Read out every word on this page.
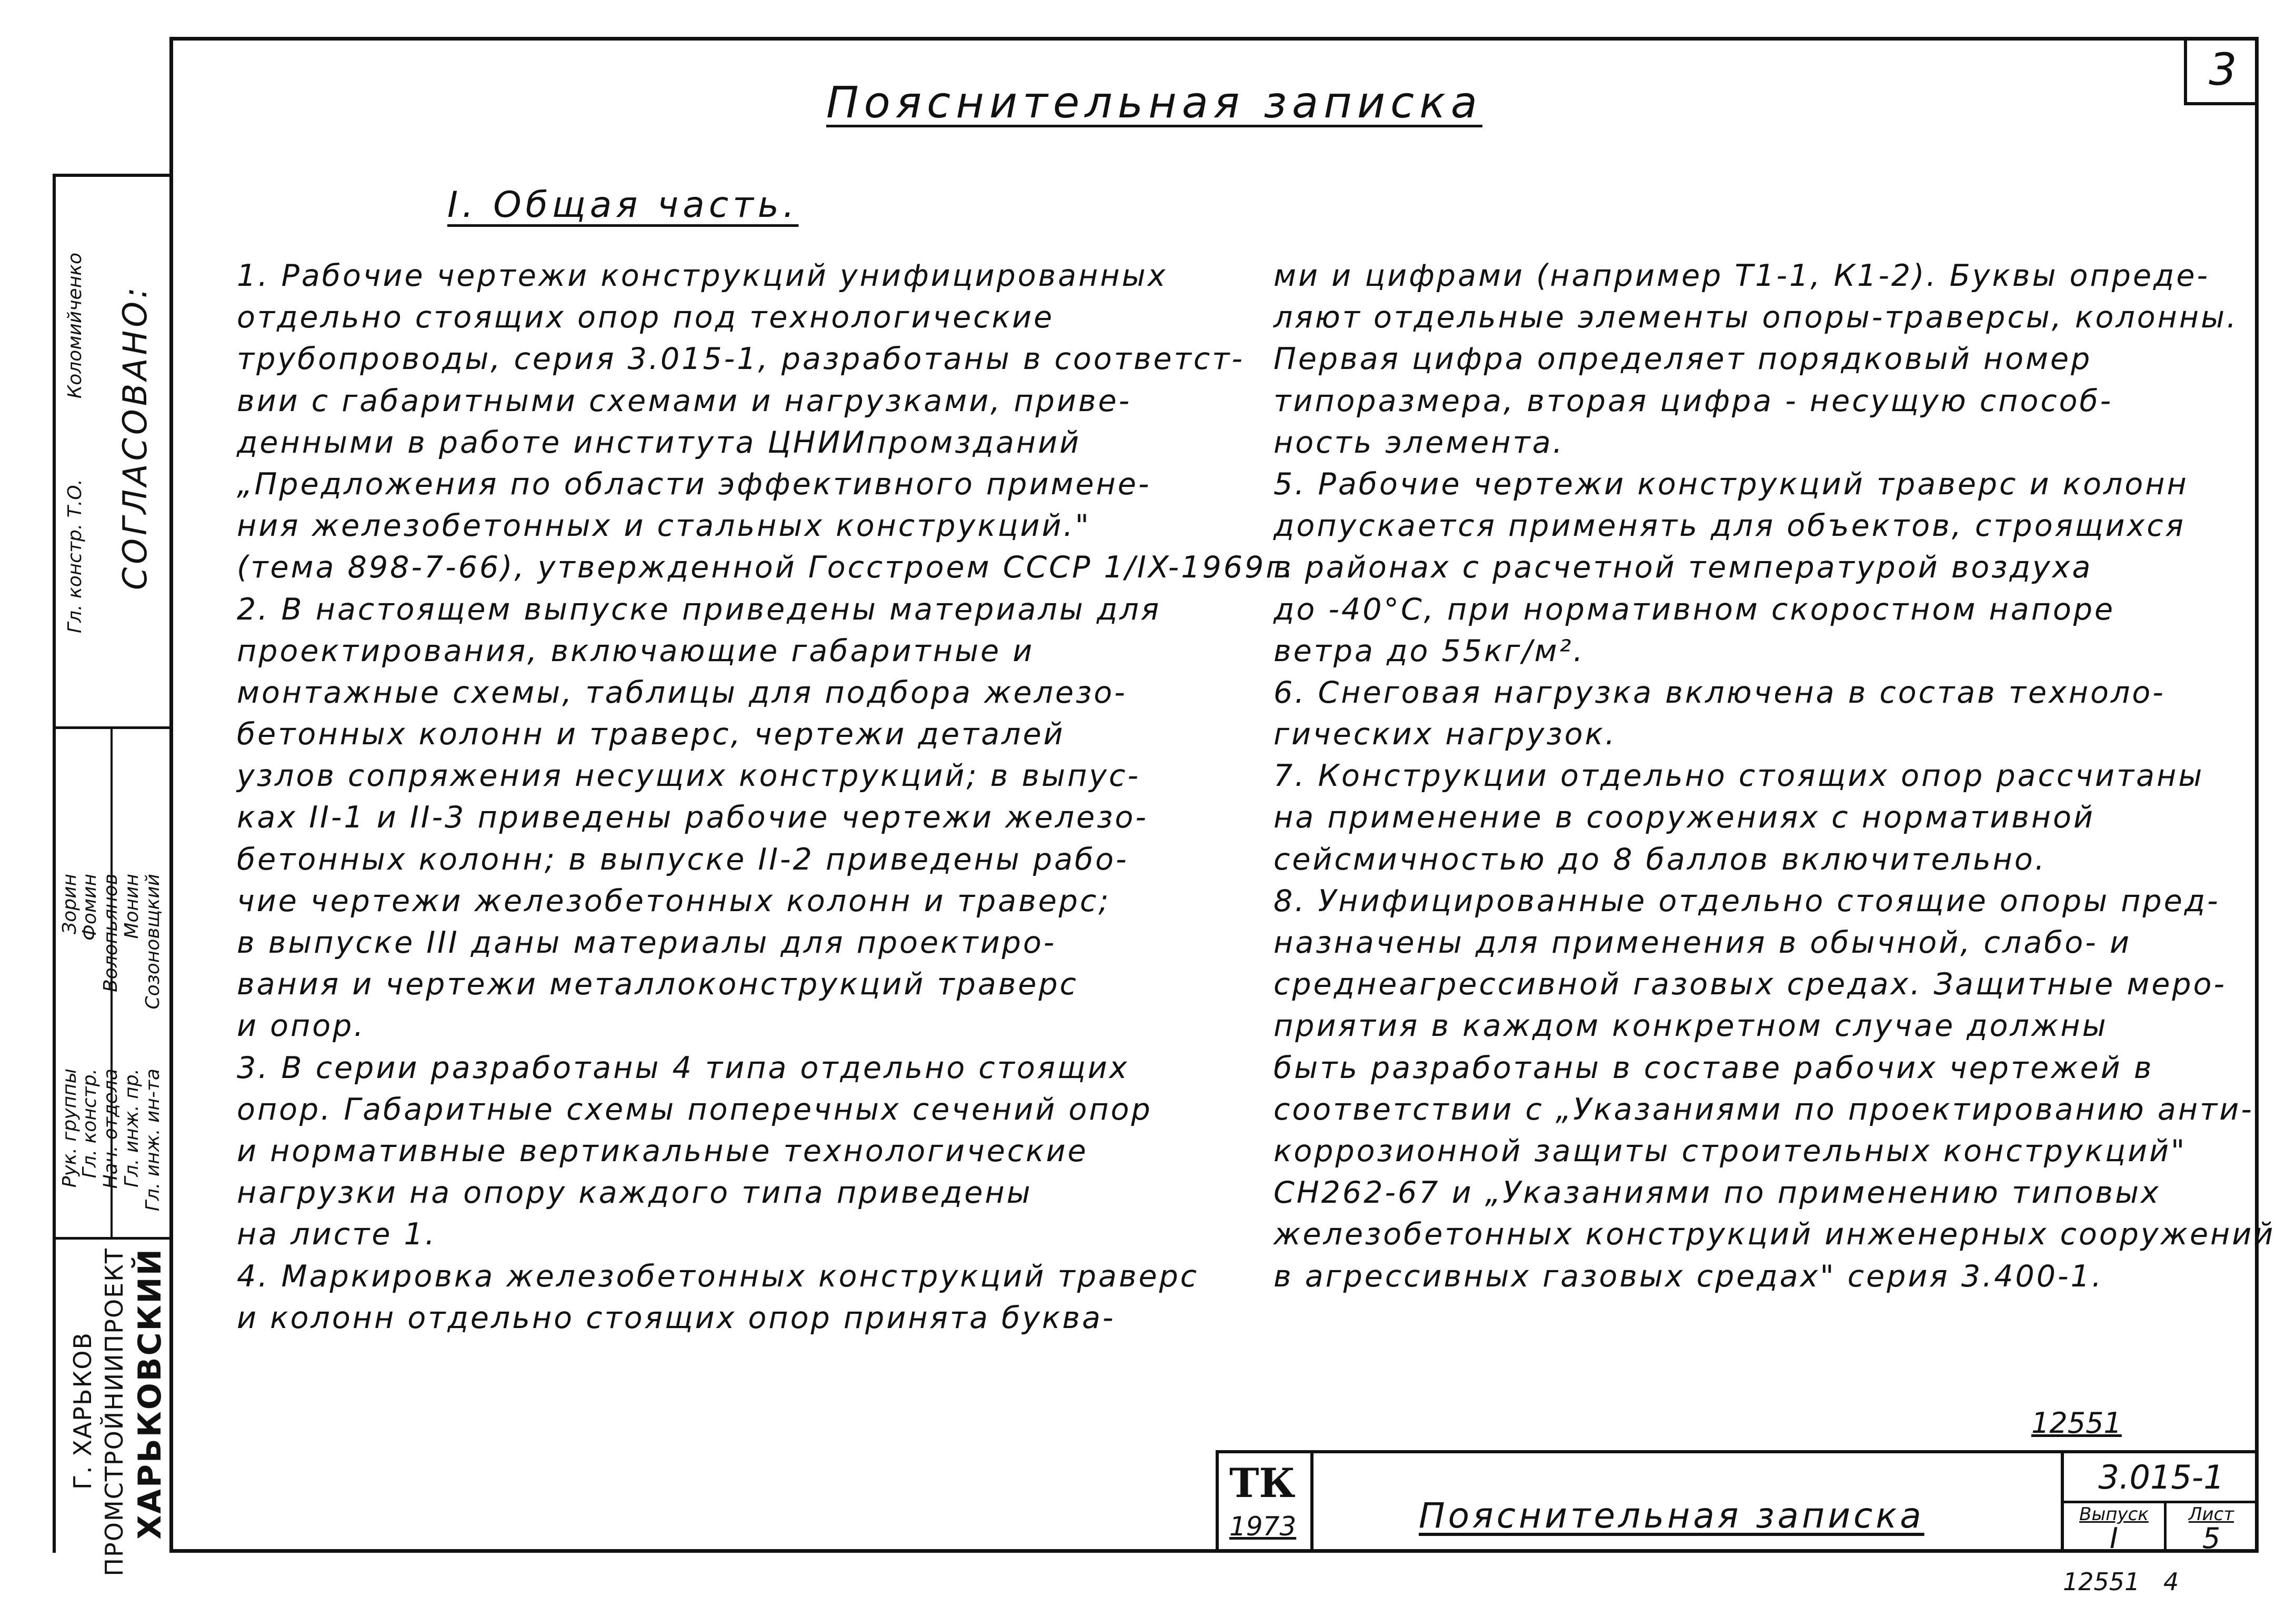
3
Пояснительная записка
I. Общая часть.
1. Рабочие чертежи конструкций унифицированных
отдельно стоящих опор под технологические
трубопроводы, серия 3.015-1, разработаны в соответст-
вии с габаритными схемами и нагрузками, приве-
денными в работе института ЦНИИпромзданий
„Предложения по области эффективного примене-
ния железобетонных и стальных конструкций."
(тема 898-7-66), утвержденной Госстроем СССР 1/IX-1969г.
2. В настоящем выпуске приведены материалы для
проектирования, включающие габаритные и
монтажные схемы, таблицы для подбора железо-
бетонных колонн и траверс, чертежи деталей
узлов сопряжения несущих конструкций; в выпус-
ках II-1 и II-3 приведены рабочие чертежи железо-
бетонных колонн; в выпуске II-2 приведены рабо-
чие чертежи железобетонных колонн и траверс;
в выпуске III даны материалы для проектиро-
вания и чертежи металлоконструкций траверс
и опор.
3. В серии разработаны 4 типа отдельно стоящих
опор. Габаритные схемы поперечных сечений опор
и нормативные вертикальные технологические
нагрузки на опору каждого типа приведены
на листе 1.
4. Маркировка железобетонных конструкций траверс
и колонн отдельно стоящих опор принята буква-
ми и цифрами (например Т1-1, К1-2). Буквы опреде-
ляют отдельные элементы опоры-траверсы, колонны.
Первая цифра определяет порядковый номер
типоразмера, вторая цифра - несущую способ-
ность элемента.
5. Рабочие чертежи конструкций траверс и колонн
допускается применять для объектов, строящихся
в районах с расчетной температурой воздуха
до -40°С, при нормативном скоростном напоре
ветра до 55кг/м².
6. Снеговая нагрузка включена в состав техноло-
гических нагрузок.
7. Конструкции отдельно стоящих опор рассчитаны
на применение в сооружениях с нормативной
сейсмичностью до 8 баллов включительно.
8. Унифицированные отдельно стоящие опоры пред-
назначены для применения в обычной, слабо- и
среднеагрессивной газовых средах. Защитные меро-
приятия в каждом конкретном случае должны
быть разработаны в составе рабочих чертежей в
соответствии с „Указаниями по проектированию анти-
коррозионной защиты строительных конструкций"
СН262-67 и „Указаниями по применению типовых
железобетонных конструкций инженерных сооружений
в агрессивных газовых средах" серия 3.400-1.
12551
СОГЛАСОВАНО:
Гл. констр. Т.О.
Коломийченко
Гл. инж. ин-та
Гл. инж. пр.
Нач. отдела
Гл. констр.
Рук. группы
Созоновщкий
Монин
Волопьянов
Фомин
Зорин
ХАРЬКОВСКИЙ
ПРОМСТРОЙНИИПРОЕКТ
Г. ХАРЬКОВ	ТК
1973	Пояснительная записка
3.015-1
Выпуск
I
Лист
5
12551 4
